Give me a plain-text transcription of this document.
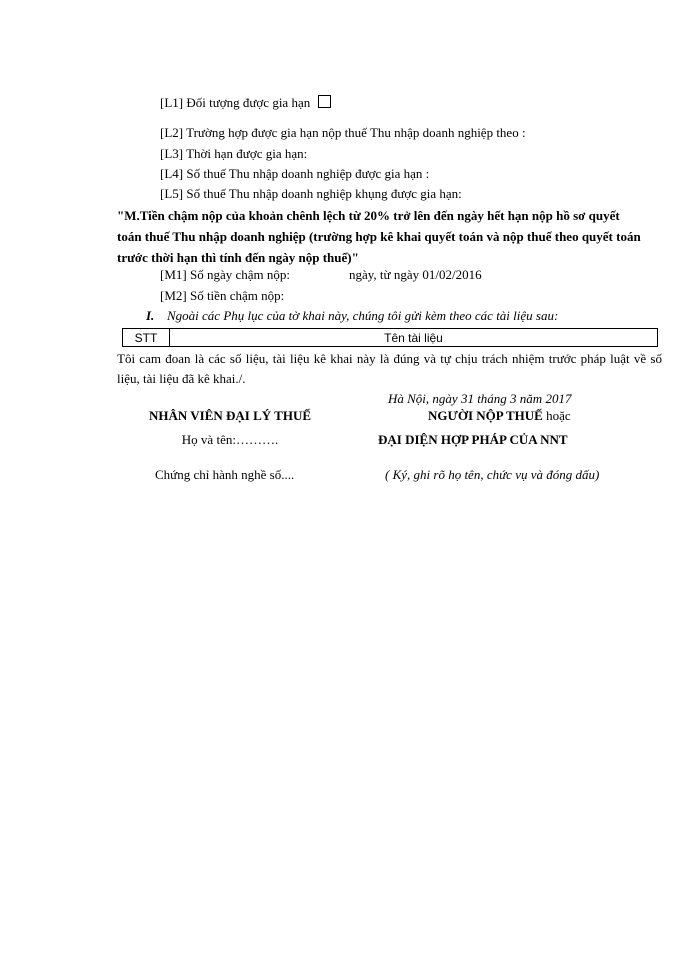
[L1] Đối tượng được gia hạn
[L2] Trường hợp được gia hạn nộp thuế Thu nhập doanh nghiệp theo :
[L3] Thời hạn được gia hạn:
[L4] Số thuế Thu nhập doanh nghiệp được gia hạn :
[L5] Số thuế Thu nhập doanh nghiệp khụng được gia hạn:
"M.Tiền chậm nộp của khoản chênh lệch từ 20% trở lên đến ngày hết hạn nộp hồ sơ quyết toán thuế Thu nhập doanh nghiệp (trường hợp kê khai quyết toán và nộp thuế theo quyết toán trước thời hạn thì tính đến ngày nộp thuế)"
[M1] Số ngày chậm nộp:	ngày, từ ngày 01/02/2016
[M2] Số tiền chậm nộp:
I. Ngoài các Phụ lục của tờ khai này, chúng tôi gửi kèm theo các tài liệu sau:
STT	Tên tài liệu
Tôi cam đoan là các số liệu, tài liệu kê khai này là đúng và tự chịu trách nhiệm trước pháp luật về số liệu, tài liệu đã kê khai./.
Hà Nội, ngày 31 tháng 3 năm 2017
NHÂN VIÊN ĐẠI LÝ THUẾ	NGƯỜI NỘP THUẾ hoặc
Họ và tên:……….	ĐẠI DIỆN HỢP PHÁP CỦA NNT
Chứng chỉ hành nghề số....	( Ký, ghi rõ họ tên, chức vụ và đóng dấu)
